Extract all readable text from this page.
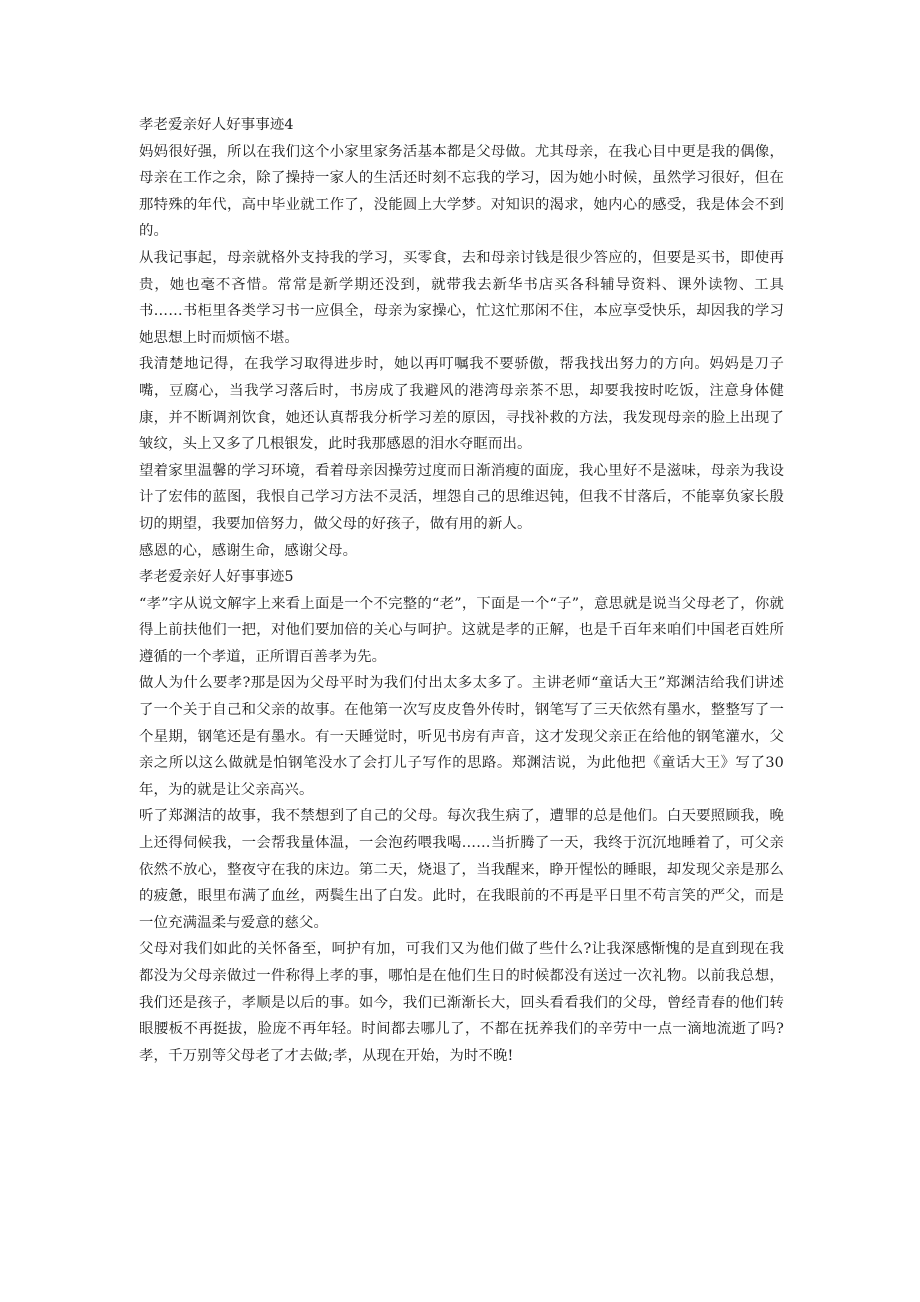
孝老爱亲好人好事事迹4

妈妈很好强，所以在我们这个小家里家务活基本都是父母做。尤其母亲，在我心目中更是我的偶像，母亲在工作之余，除了操持一家人的生活还时刻不忘我的学习，因为她小时候，虽然学习很好，但在那特殊的年代，高中毕业就工作了，没能圆上大学梦。对知识的渴求，她内心的感受，我是体会不到的。

从我记事起，母亲就格外支持我的学习，买零食，去和母亲讨钱是很少答应的，但要是买书，即使再贵，她也毫不吝惜。常常是新学期还没到，就带我去新华书店买各科辅导资料、课外读物、工具书……书柜里各类学习书一应俱全，母亲为家操心，忙这忙那闲不住，本应享受快乐，却因我的学习她思想上时而烦恼不堪。

我清楚地记得，在我学习取得进步时，她以再叮嘱我不要骄傲，帮我找出努力的方向。妈妈是刀子嘴，豆腐心，当我学习落后时，书房成了我避风的港湾母亲茶不思，却要我按时吃饭，注意身体健康，并不断调剂饮食，她还认真帮我分析学习差的原因，寻找补救的方法，我发现母亲的脸上出现了皱纹，头上又多了几根银发，此时我那感恩的泪水夺眶而出。

望着家里温馨的学习环境，看着母亲因操劳过度而日渐消瘦的面庞，我心里好不是滋味，母亲为我设计了宏伟的蓝图，我恨自己学习方法不灵活，埋怨自己的思维迟钝，但我不甘落后，不能辜负家长殷切的期望，我要加倍努力，做父母的好孩子，做有用的新人。

感恩的心，感谢生命，感谢父母。

孝老爱亲好人好事事迹5

“孝”字从说文解字上来看上面是一个不完整的“老”，下面是一个“子”，意思就是说当父母老了，你就得上前扶他们一把，对他们要加倍的关心与呵护。这就是孝的正解，也是千百年来咱们中国老百姓所遵循的一个孝道，正所谓百善孝为先。

做人为什么要孝?那是因为父母平时为我们付出太多太多了。主讲老师“童话大王”郑渊洁给我们讲述了一个关于自己和父亲的故事。在他第一次写皮皮鲁外传时，钢笔写了三天依然有墨水，整整写了一个星期，钢笔还是有墨水。有一天睡觉时，听见书房有声音，这才发现父亲正在给他的钢笔灌水，父亲之所以这么做就是怕钢笔没水了会打儿子写作的思路。郑渊洁说，为此他把《童话大王》写了30年，为的就是让父亲高兴。

听了郑渊洁的故事，我不禁想到了自己的父母。每次我生病了，遭罪的总是他们。白天要照顾我，晚上还得伺候我，一会帮我量体温，一会泡药喂我喝……当折腾了一天，我终于沉沉地睡着了，可父亲依然不放心，整夜守在我的床边。第二天，烧退了，当我醒来，睁开惺忪的睡眼，却发现父亲是那么的疲惫，眼里布满了血丝，两鬓生出了白发。此时，在我眼前的不再是平日里不苟言笑的严父，而是一位充满温柔与爱意的慈父。

父母对我们如此的关怀备至，呵护有加，可我们又为他们做了些什么?让我深感惭愧的是直到现在我都没为父母亲做过一件称得上孝的事，哪怕是在他们生日的时候都没有送过一次礼物。以前我总想，我们还是孩子，孝顺是以后的事。如今，我们已渐渐长大，回头看看我们的父母，曾经青春的他们转眼腰板不再挺拔，脸庞不再年轻。时间都去哪儿了，不都在抚养我们的辛劳中一点一滴地流逝了吗?孝，千万别等父母老了才去做;孝，从现在开始，为时不晚!
